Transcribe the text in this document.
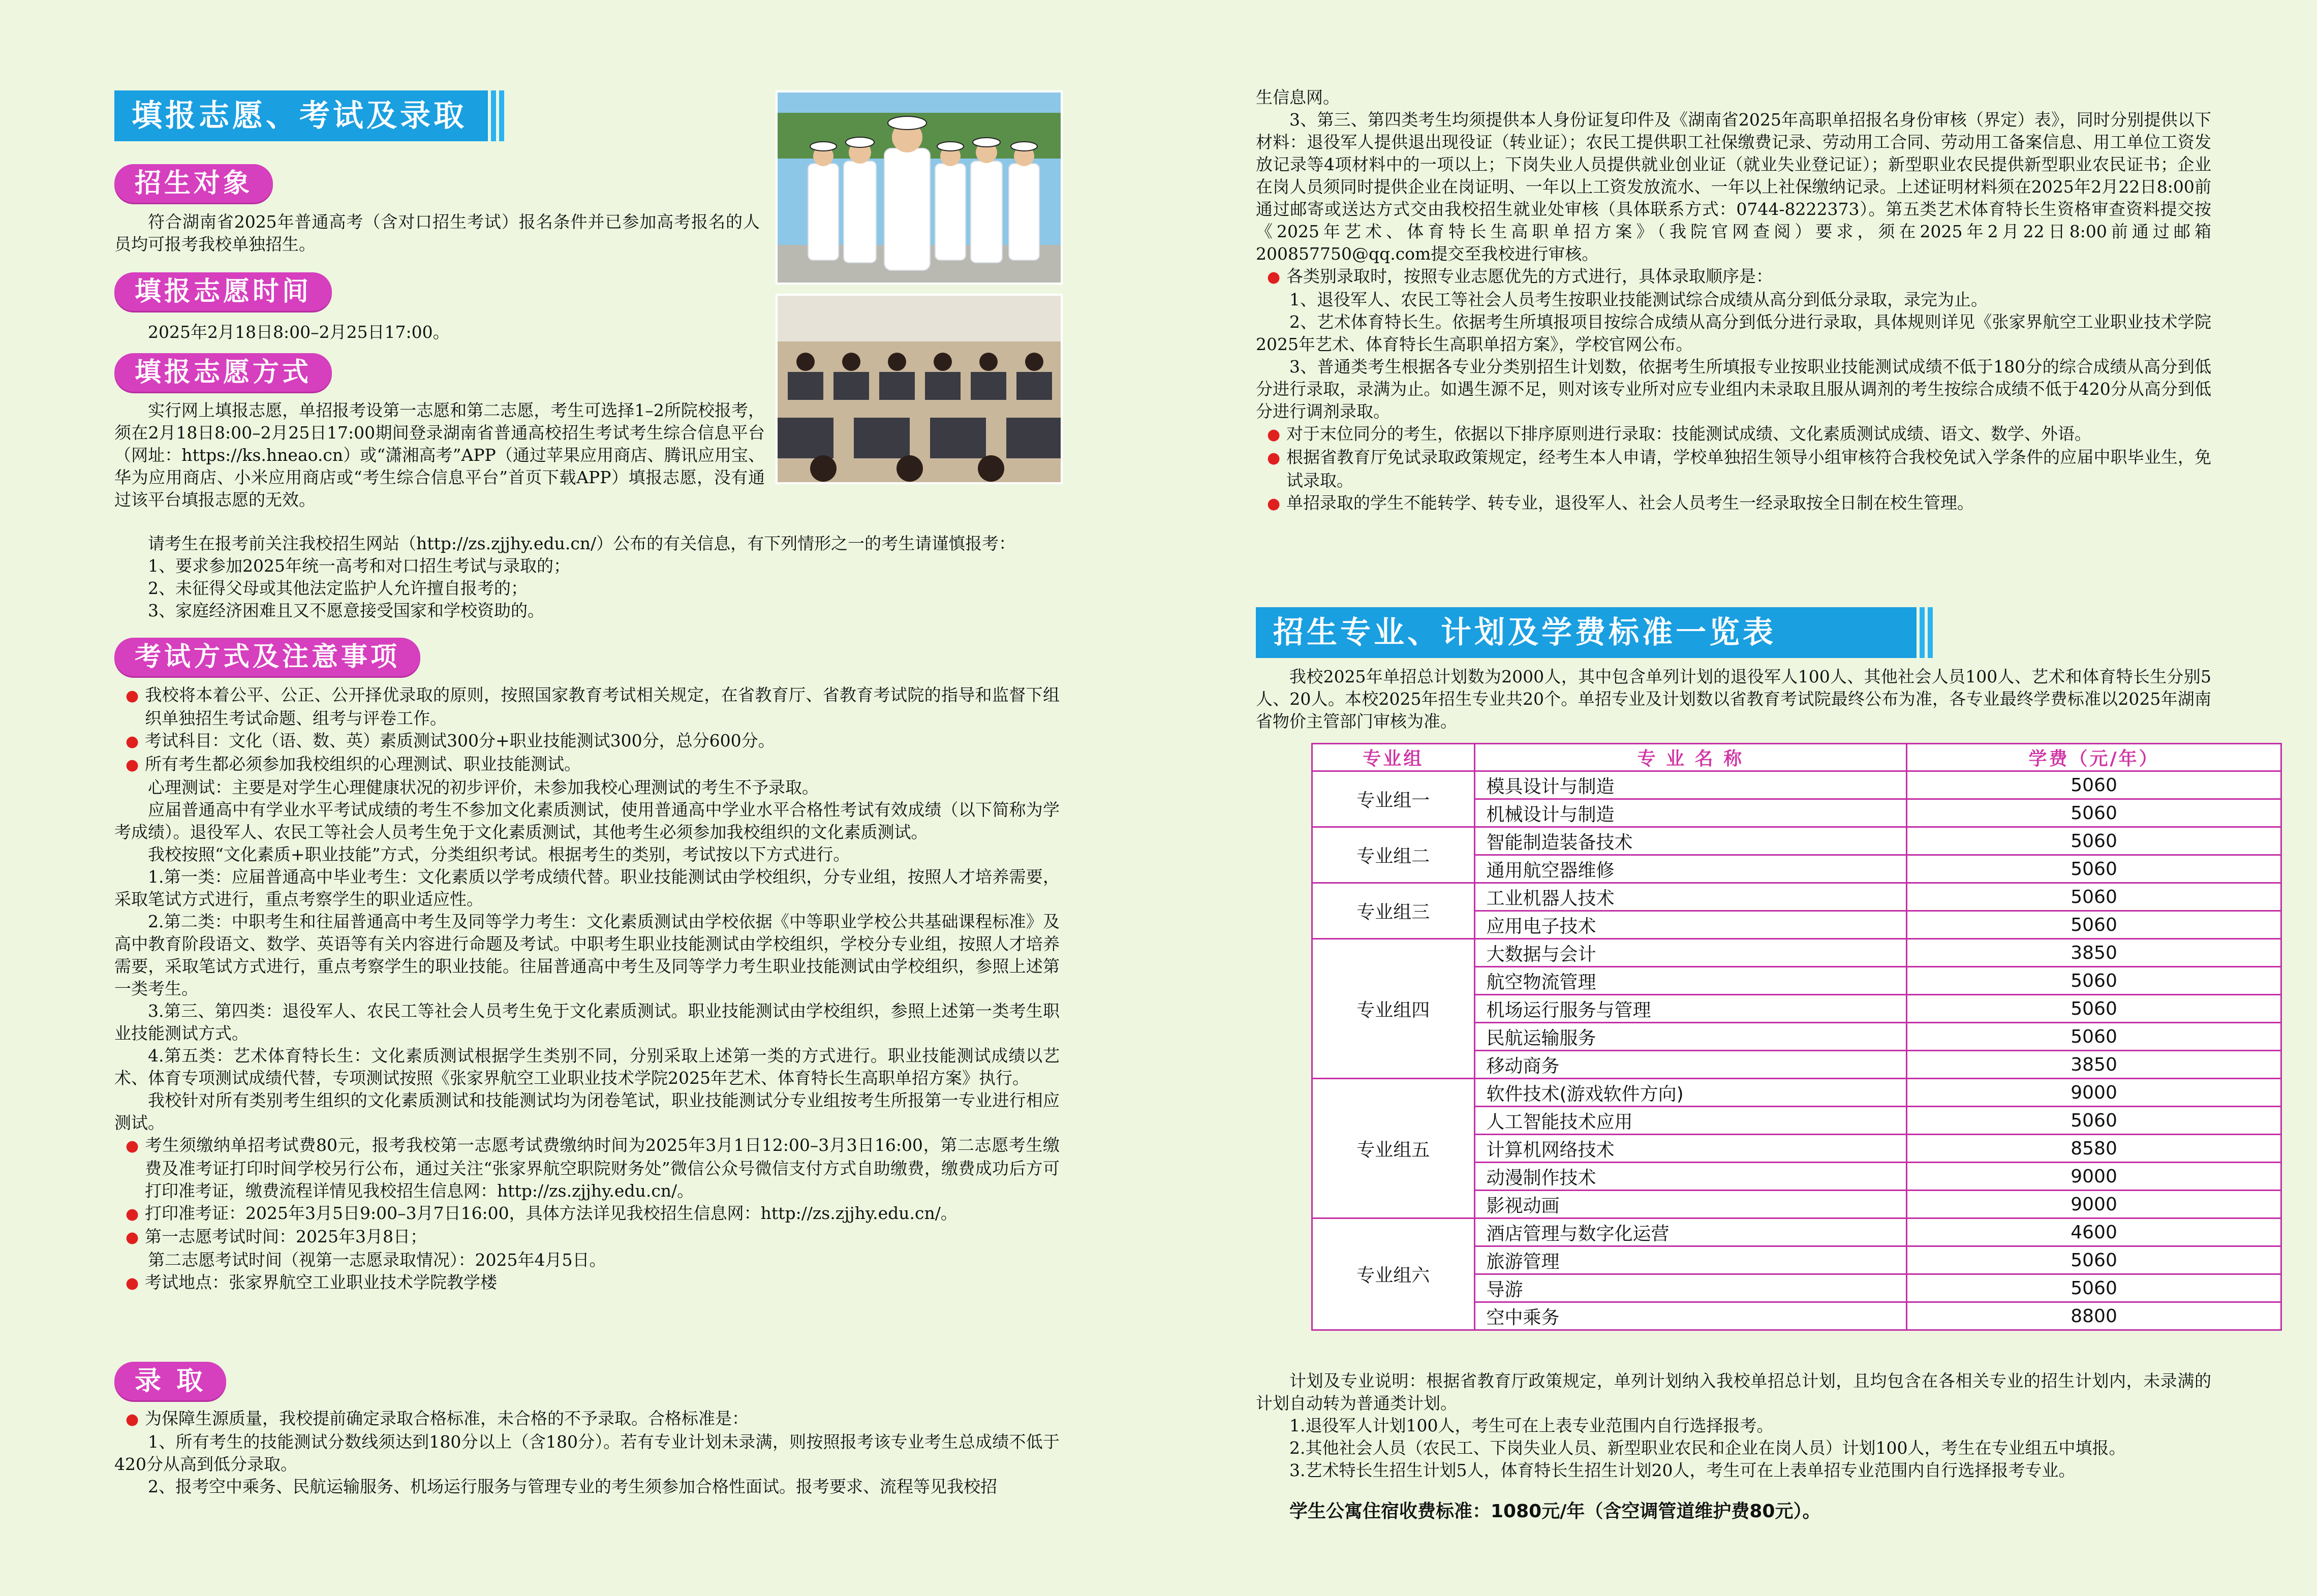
填报志愿、考试及录取
招生对象

符合湖南省2025年普通高考（含对口招生考试）报名条件并已参加高考报名的人员均可报考我校单独招生。

填报志愿时间

2025年2月18日8:00–2月25日17:00。

填报志愿方式

实行网上填报志愿，单招报考设第一志愿和第二志愿，考生可选择1–2所院校报考，须在2月18日8:00–2月25日17:00期间登录湖南省普通高校招生考试考生综合信息平台（网址：https://ks.hneao.cn）或“潇湘高考”APP（通过苹果应用商店、腾讯应用宝、华为应用商店、小米应用商店或“考生综合信息平台”首页下载APP）填报志愿，没有通过该平台填报志愿的无效。

请考生在报考前关注我校招生网站（http://zs.zjjhy.edu.cn/）公布的有关信息，有下列情形之一的考生请谨慎报考：

1、要求参加2025年统一高考和对口招生考试与录取的；

2、未征得父母或其他法定监护人允许擅自报考的；

3、家庭经济困难且又不愿意接受国家和学校资助的。

考试方式及注意事项

● 我校将本着公平、公正、公开择优录取的原则，按照国家教育考试相关规定，在省教育厅、省教育考试院的指导和监督下组织单独招生考试命题、组考与评卷工作。

● 考试科目：文化（语、数、英）素质测试300分+职业技能测试300分，总分600分。

● 所有考生都必须参加我校组织的心理测试、职业技能测试。

心理测试：主要是对学生心理健康状况的初步评价，未参加我校心理测试的考生不予录取。

应届普通高中有学业水平考试成绩的考生不参加文化素质测试，使用普通高中学业水平合格性考试有效成绩（以下简称为学考成绩）。退役军人、农民工等社会人员考生免于文化素质测试，其他考生必须参加我校组织的文化素质测试。

我校按照“文化素质+职业技能”方式，分类组织考试。根据考生的类别，考试按以下方式进行。

1.第一类：应届普通高中毕业考生：文化素质以学考成绩代替。职业技能测试由学校组织，分专业组，按照人才培养需要，采取笔试方式进行，重点考察学生的职业适应性。

2.第二类：中职考生和往届普通高中考生及同等学力考生：文化素质测试由学校依据《中等职业学校公共基础课程标准》及高中教育阶段语文、数学、英语等有关内容进行命题及考试。中职考生职业技能测试由学校组织，学校分专业组，按照人才培养需要，采取笔试方式进行，重点考察学生的职业技能。往届普通高中考生及同等学力考生职业技能测试由学校组织，参照上述第一类考生。

3.第三、第四类：退役军人、农民工等社会人员考生免于文化素质测试。职业技能测试由学校组织，参照上述第一类考生职业技能测试方式。

4.第五类：艺术体育特长生：文化素质测试根据学生类别不同，分别采取上述第一类的方式进行。职业技能测试成绩以艺术、体育专项测试成绩代替，专项测试按照《张家界航空工业职业技术学院2025年艺术、体育特长生高职单招方案》执行。

我校针对所有类别考生组织的文化素质测试和技能测试均为闭卷笔试，职业技能测试分专业组按考生所报第一专业进行相应测试。

● 考生须缴纳单招考试费80元，报考我校第一志愿考试费缴纳时间为2025年3月1日12:00–3月3日16:00，第二志愿考生缴费及准考证打印时间学校另行公布，通过关注“张家界航空职院财务处”微信公众号微信支付方式自助缴费，缴费成功后方可打印准考证，缴费流程详情见我校招生信息网：http://zs.zjjhy.edu.cn/。

● 打印准考证：2025年3月5日9:00–3月7日16:00，具体方法详见我校招生信息网：http://zs.zjjhy.edu.cn/。

● 第一志愿考试时间：2025年3月8日；

第二志愿考试时间（视第一志愿录取情况）：2025年4月5日。

● 考试地点：张家界航空工业职业技术学院教学楼

录 取

● 为保障生源质量，我校提前确定录取合格标准，未合格的不予录取。合格标准是：

1、所有考生的技能测试分数线须达到180分以上（含180分）。若有专业计划未录满，则按照报考该专业考生总成绩不低于420分从高到低分录取。

2、报考空中乘务、民航运输服务、机场运行服务与管理专业的考生须参加合格性面试。报考要求、流程等见我校招

生信息网。

3、第三、第四类考生均须提供本人身份证复印件及《湖南省2025年高职单招报名身份审核（界定）表》，同时分别提供以下材料：退役军人提供退出现役证（转业证）；农民工提供职工社保缴费记录、劳动用工合同、劳动用工备案信息、用工单位工资发放记录等4项材料中的一项以上；下岗失业人员提供就业创业证（就业失业登记证）；新型职业农民提供新型职业农民证书；企业在岗人员须同时提供企业在岗证明、一年以上工资发放流水、一年以上社保缴纳记录。上述证明材料须在2025年2月22日8:00前通过邮寄或送达方式交由我校招生就业处审核（具体联系方式：0744-8222373）。第五类艺术体育特长生资格审查资料提交按《2025年艺术、体育特长生高职单招方案》（我院官网查阅）要求，须在2025年2月22日8:00前通过邮箱200857750@qq.com提交至我校进行审核。

● 各类别录取时，按照专业志愿优先的方式进行，具体录取顺序是：

1、退役军人、农民工等社会人员考生按职业技能测试综合成绩从高分到低分录取，录完为止。

2、艺术体育特长生。依据考生所填报项目按综合成绩从高分到低分进行录取，具体规则详见《张家界航空工业职业技术学院2025年艺术、体育特长生高职单招方案》，学校官网公布。

3、普通类考生根据各专业分类别招生计划数，依据考生所填报专业按职业技能测试成绩不低于180分的综合成绩从高分到低分进行录取，录满为止。如遇生源不足，则对该专业所对应专业组内未录取且服从调剂的考生按综合成绩不低于420分从高分到低分进行调剂录取。

● 对于末位同分的考生，依据以下排序原则进行录取：技能测试成绩、文化素质测试成绩、语文、数学、外语。

● 根据省教育厅免试录取政策规定，经考生本人申请，学校单独招生领导小组审核符合我校免试入学条件的应届中职毕业生，免试录取。

● 单招录取的学生不能转学、转专业，退役军人、社会人员考生一经录取按全日制在校生管理。

招生专业、计划及学费标准一览表

我校2025年单招总计划数为2000人，其中包含单列计划的退役军人100人、其他社会人员100人、艺术和体育特长生分别5人、20人。本校2025年招生专业共20个。单招专业及计划数以省教育考试院最终公布为准，各专业最终学费标准以2025年湖南省物价主管部门审核为准。

专业组	专 业 名 称	学费（元/年）
专业组一	模具设计与制造	5060
	机械设计与制造	5060
专业组二	智能制造装备技术	5060
	通用航空器维修	5060
专业组三	工业机器人技术	5060
	应用电子技术	5060
专业组四	大数据与会计	3850
	航空物流管理	5060
	机场运行服务与管理	5060
	民航运输服务	5060
	移动商务	3850
专业组五	软件技术(游戏软件方向)	9000
	人工智能技术应用	5060
	计算机网络技术	8580
	动漫制作技术	9000
	影视动画	9000
专业组六	酒店管理与数字化运营	4600
	旅游管理	5060
	导游	5060
	空中乘务	8800

计划及专业说明：根据省教育厅政策规定，单列计划纳入我校单招总计划，且均包含在各相关专业的招生计划内，未录满的计划自动转为普通类计划。

1.退役军人计划100人，考生可在上表专业范围内自行选择报考。

2.其他社会人员（农民工、下岗失业人员、新型职业农民和企业在岗人员）计划100人，考生在专业组五中填报。

3.艺术特长生招生计划5人，体育特长生招生计划20人，考生可在上表单招专业范围内自行选择报考专业。

学生公寓住宿收费标准：1080元/年（含空调管道维护费80元）。
